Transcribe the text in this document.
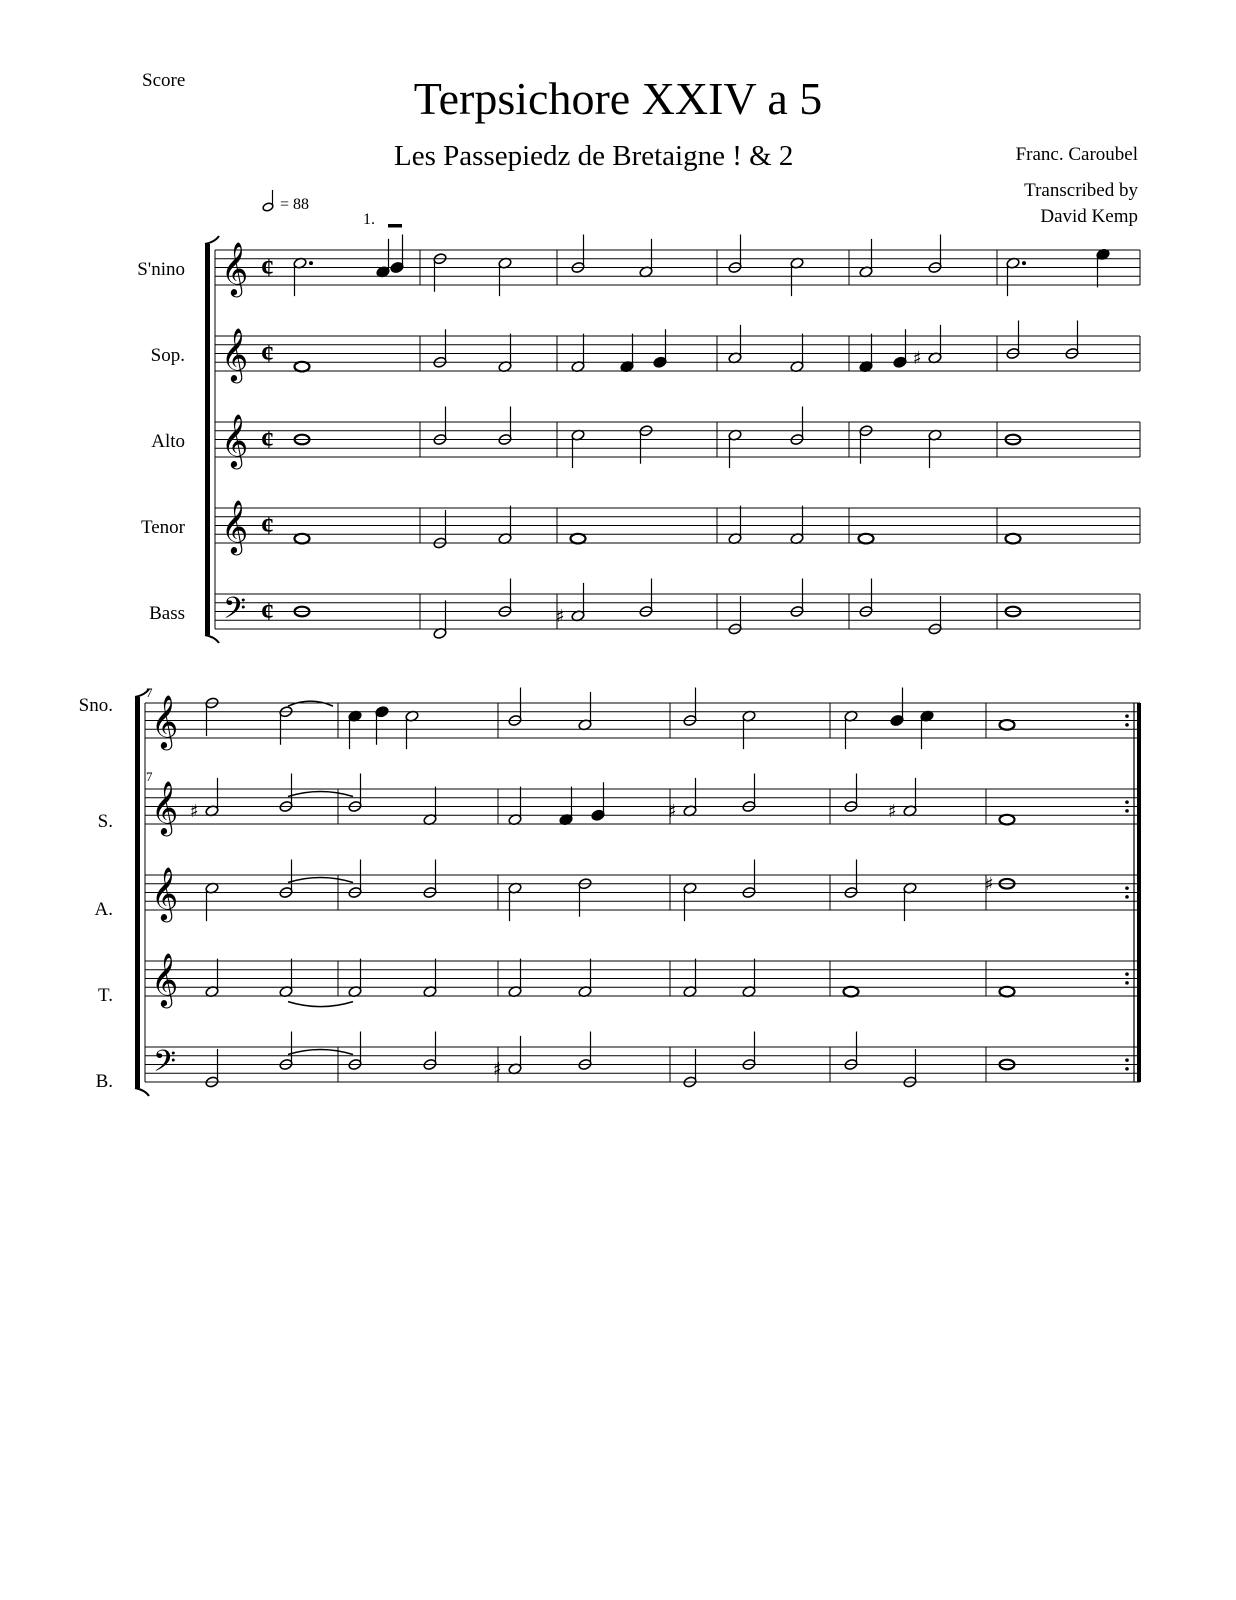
Score	Terpsichore XXIV a 5
Les Passepiedz de Bretaigne ! & 2	Franc. Caroubel
Transcribed by
David Kemp
= 88
1.
S'nino
Sop.
Alto
Tenor
Bass
Sno.
S.
A.
T.
B.
𝄞 ¢
𝄞 ¢
𝄞 ¢
𝄞 ¢
𝄢 ¢
𝄞
𝄞
𝄞
𝄞
𝄢
7
7
♯
♯
♯	♯	♯
♯
♯
